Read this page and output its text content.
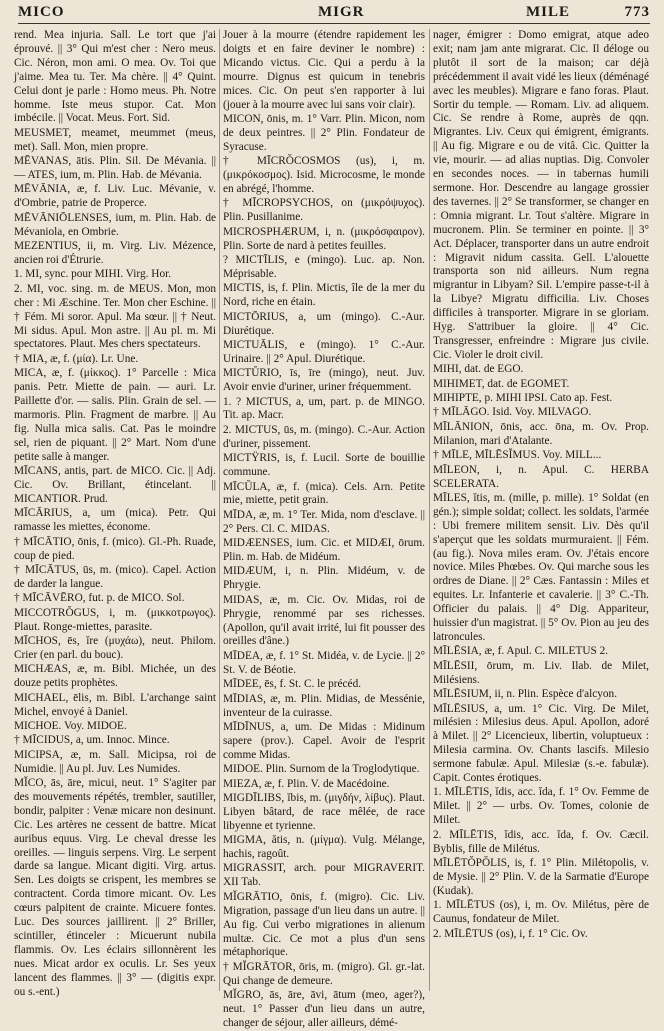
MICO	MIGR	MILE	773

rend. Mea injuria. Sall. Le tort que j'ai éprouvé. || 3° Qui m'est cher : Nero meus. Cic. Néron, mon ami. O mea. Ov. Toi que j'aime. Mea tu. Ter. Ma chère. || 4° Quint. Celui dont je parle : Homo meus. Ph. Notre homme. Iste meus stupor. Cat. Mon imbécile. || Vocat. Meus. Fort. Sid.

MEUSMET, meamet, meummet (meus, met). Sall. Mon, mien propre.

MĒVANAS, ātis. Plin. Sil. De Mévania. || — ATES, ium, m. Plin. Hab. de Mévania.

MĒVĀNIA, æ, f. Liv. Luc. Mévanie, v. d'Ombrie, patrie de Properce.

MĒVĀNIŌLENSES, ium, m. Plin. Hab. de Mévaniola, en Ombrie.

MEZENTIUS, ii, m. Virg. Liv. Mézence, ancien roi d'Étrurie.

1. MI, sync. pour MIHI. Virg. Hor.

2. MI, voc. sing. m. de MEUS. Mon, mon cher : Mi Æschine. Ter. Mon cher Eschine. || † Fém. Mi soror. Apul. Ma sœur. || † Neut. Mi sidus. Apul. Mon astre. || Au pl. m. Mi spectatores. Plaut. Mes chers spectateurs.

† MIA, æ, f. (μία). Lr. Une.

MICA, æ, f. (μίκκος). 1° Parcelle : Mica panis. Petr. Miette de pain. — auri. Lr. Paillette d'or. — salis. Plin. Grain de sel. — marmoris. Plin. Fragment de marbre. || Au fig. Nulla mica salis. Cat. Pas le moindre sel, rien de piquant. || 2° Mart. Nom d'une petite salle à manger.

MĪCANS, antis, part. de MICO. Cic. || Adj. Cic. Ov. Brillant, étincelant. || MICANTIOR. Prud.

MĪCĀRIUS, a, um (mica). Petr. Qui ramasse les miettes, économe.

† MĪCĀTIO, ōnis, f. (mico). Gl.-Ph. Ruade, coup de pied.

† MĪCĀTUS, ūs, m. (mico). Capel. Action de darder la langue.

† MĪCĀVĒRO, fut. p. de MICO. Sol.

MICCOTRŎGUS, i, m. (μικκοτρωγος). Plaut. Ronge-miettes, parasite.

MĪCHOS, ēs, ĭre (μυχάω), neut. Philom. Crier (en parl. du bouc).

MICHÆAS, æ, m. Bibl. Michée, un des douze petits prophètes.

MICHAEL, ēlis, m. Bibl. L'archange saint Michel, envoyé à Daniel.

MICHOE. Voy. MIDOE.

† MĪCIDUS, a, um. Innoc. Mince.

MICIPSA, æ, m. Sall. Micipsa, roi de Numidie. || Au pl. Juv. Les Numides.

MĬCO, ās, āre, micui, neut. 1° S'agiter par des mouvements répétés, trembler, sautiller, bondir, palpiter : Venæ micare non desinunt. Cic. Les artères ne cessent de battre. Micat auribus equus. Virg. Le cheval dresse les oreilles. — linguis serpens. Virg. Le serpent darde sa langue. Micant digiti. Virg. artus. Sen. Les doigts se crispent, les membres se contractent. Corda timore micant. Ov. Les cœurs palpitent de crainte. Micuere fontes. Luc. Des sources jaillirent. || 2° Briller, scintiller, étinceler : Micuerunt nubila flammis. Ov. Les éclairs sillonnèrent les nues. Micat ardor ex oculis. Lr. Ses yeux lancent des flammes. || 3° — (digitis expr. ou s.-ent.)

Jouer à la mourre (étendre rapidement les doigts et en faire deviner le nombre) : Micando victus. Cic. Qui a perdu à la mourre. Dignus est quicum in tenebris mices. Cic. On peut s'en rapporter à lui (jouer à la mourre avec lui sans voir clair).

MICON, ōnis, m. 1° Varr. Plin. Micon, nom de deux peintres. || 2° Plin. Fondateur de Syracuse.

† MĪCRŎCOSMOS (us), i, m. (μικρόκοσμος). Isid. Microcosme, le monde en abrégé, l'homme.

† MĪCROPSYCHOS, on (μικρόψυχος). Plin. Pusillanime.

MICROSPHÆRUM, i, n. (μικρόσφαιρον). Plin. Sorte de nard à petites feuilles.

? MICTĪLIS, e (mingo). Luc. ap. Non. Méprisable.

MICTIS, is, f. Plin. Mictis, île de la mer du Nord, riche en étain.

MICTŌRIUS, a, um (mingo). C.-Aur. Diurétique.

MICTUĀLIS, e (mingo). 1° C.-Aur. Urinaire. || 2° Apul. Diurétique.

MICTŬRIO, īs, īre (mingo), neut. Juv. Avoir envie d'uriner, uriner fréquemment.

1. ? MICTUS, a, um, part. p. de MINGO. Tit. ap. Macr.

2. MICTUS, ūs, m. (mingo). C.-Aur. Action d'uriner, pissement.

MICTŸRIS, is, f. Lucil. Sorte de bouillie commune.

MĪCŬLA, æ, f. (mica). Cels. Arn. Petite mie, miette, petit grain.

MĪDA, æ, m. 1° Ter. Mida, nom d'esclave. || 2° Pers. Cl. C. MIDAS.

MIDÆENSES, ium. Cic. et MIDÆI, ōrum. Plin. m. Hab. de Midéum.

MIDÆUM, i, n. Plin. Midéum, v. de Phrygie.

MIDAS, æ, m. Cic. Ov. Midas, roi de Phrygie, renommé par ses richesses. (Apollon, qu'il avait irrité, lui fit pousser des oreilles d'âne.)

MĪDEA, æ, f. 1° St. Midéa, v. de Lycie. || 2° St. V. de Béotie.

MĪDEE, ēs, f. St. C. le précéd.

MĪDIAS, æ, m. Plin. Midias, de Messénie, inventeur de la cuirasse.

MĪDĪNUS, a, um. De Midas : Midinum sapere (prov.). Capel. Avoir de l'esprit comme Midas.

MIDOE. Plin. Surnom de la Troglodytique.

MIEZA, æ, f. Plin. V. de Macédoine.

MIGDĪLIBS, ĭbis, m. (μιγδήν, λίβυς). Plaut. Libyen bâtard, de race mêlée, de race libyenne et tyrienne.

MIGMA, ătis, n. (μίγμα). Vulg. Mélange, hachis, ragoût.

MIGRASSIT, arch. pour MIGRAVERIT. XII Tab.

MĬGRĀTIO, ōnis, f. (migro). Cic. Liv. Migration, passage d'un lieu dans un autre. || Au fig. Cui verbo migrationes in alienum multæ. Cic. Ce mot a plus d'un sens métaphorique.

† MĬGRĀTOR, ōris, m. (migro). Gl. gr.-lat. Qui change de demeure.

MĬGRO, ās, āre, āvi, ātum (meo, ager?), neut. 1° Passer d'un lieu dans un autre, changer de séjour, aller ailleurs, démé-

nager, émigrer : Domo emigrat, atque adeo exit; nam jam ante migrarat. Cic. Il déloge ou plutôt il sort de la maison; car déjà précédemment il avait vidé les lieux (déménagé avec les meubles). Migrare e fano foras. Plaut. Sortir du temple. — Romam. Liv. ad aliquem. Cic. Se rendre à Rome, auprès de qqn. Migrantes. Liv. Ceux qui émigrent, émigrants. || Au fig. Migrare e ou de vitâ. Cic. Quitter la vie, mourir. — ad alias nuptias. Dig. Convoler en secondes noces. — in tabernas humili sermone. Hor. Descendre au langage grossier des tavernes. || 2° Se transformer, se changer en : Omnia migrant. Lr. Tout s'altère. Migrare in mucronem. Plin. Se terminer en pointe. || 3° Act. Déplacer, transporter dans un autre endroit : Migravit nidum cassita. Gell. L'alouette transporta son nid ailleurs. Num regna migrantur in Libyam? Sil. L'empire passe-t-il à la Libye? Migratu difficilia. Liv. Choses difficiles à transporter. Migrare in se gloriam. Hyg. S'attribuer la gloire. || 4° Cic. Transgresser, enfreindre : Migrare jus civile. Cic. Violer le droit civil.

MIHI, dat. de EGO.

MIHIMET, dat. de EGOMET.

MIHIPTE, p. MIHI IPSI. Cato ap. Fest.

† MĪLĀGO. Isid. Voy. MILVAGO.

MĪLĀNION, ōnis, acc. ōna, m. Ov. Prop. Milanion, mari d'Atalante.

† MĪLE, MĪLĒSĬMUS. Voy. MILL...

MĪLEON, i, n. Apul. C. HERBA SCELERATA.

MĪLES, ĭtis, m. (mille, p. mille). 1° Soldat (en gén.); simple soldat; collect. les soldats, l'armée : Ubi fremere militem sensit. Liv. Dès qu'il s'aperçut que les soldats murmuraient. || Fém. (au fig.). Nova miles eram. Ov. J'étais encore novice. Miles Phœbes. Ov. Qui marche sous les ordres de Diane. || 2° Cæs. Fantassin : Miles et equites. Lr. Infanterie et cavalerie. || 3° C.-Th. Officier du palais. || 4° Dig. Appariteur, huissier d'un magistrat. || 5° Ov. Pion au jeu des latroncules.

MĪLĒSIA, æ, f. Apul. C. MILETUS 2.

MĪLĒSII, ōrum, m. Liv. Ilab. de Milet, Milésiens.

MĪLĒSIUM, ii, n. Plin. Espèce d'alcyon.

MĪLĒSIUS, a, um. 1° Cic. Virg. De Milet, milésien : Milesius deus. Apul. Apollon, adoré à Milet. || 2° Licencieux, libertin, voluptueux : Milesia carmina. Ov. Chants lascifs. Milesio sermone fabulæ. Apul. Milesiæ (s.-e. fabulæ). Capit. Contes érotiques.

1. MĪLĒTIS, ĭdis, acc. ĭda, f. 1° Ov. Femme de Milet. || 2° — urbs. Ov. Tomes, colonie de Milet.

2. MĪLĒTIS, ĭdis, acc. ĭda, f. Ov. Cæcil. Byblis, fille de Milétus.

MĪLĒTŎPŎLIS, is, f. 1° Plin. Milétopolis, v. de Mysie. || 2° Plin. V. de la Sarmatie d'Europe (Kudak).

1. MĪLĒTUS (os), i, m. Ov. Milétus, père de Caunus, fondateur de Milet.

2. MĪLĒTUS (os), i, f. 1° Cic. Ov.
